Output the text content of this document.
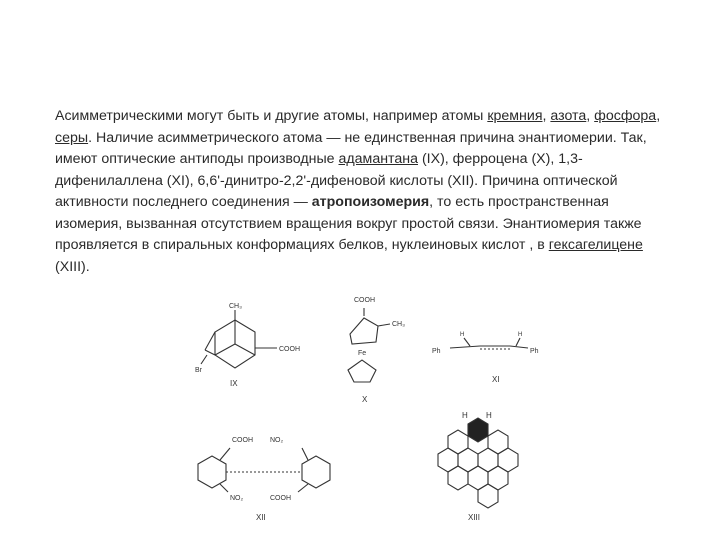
Асимметрическими могут быть и другие атомы, например атомы кремния, азота, фосфора, серы. Наличие асимметрического атома — не единственная причина энантиомерии. Так, имеют оптические антиподы производные адамантана (IX), ферроцена (X), 1,3-дифенилаллена (XI), 6,6'-динитро-2,2'-дифеновой кислоты (XII). Причина оптической активности последнего соединения — атропоизомерия, то есть пространственная изомерия, вызванная отсутствием вращения вокруг простой связи. Энантиомерия также проявляется в спиральных конформациях белков, нуклеиновых кислот , в гексагелицене (XIII).
CH₃
COOH
Br
IX
COOH
CH₃
Fe
X
Ph	Ph
H	H
XI
COOH NO₂
NO₂	COOH
XII
H H
XIII
